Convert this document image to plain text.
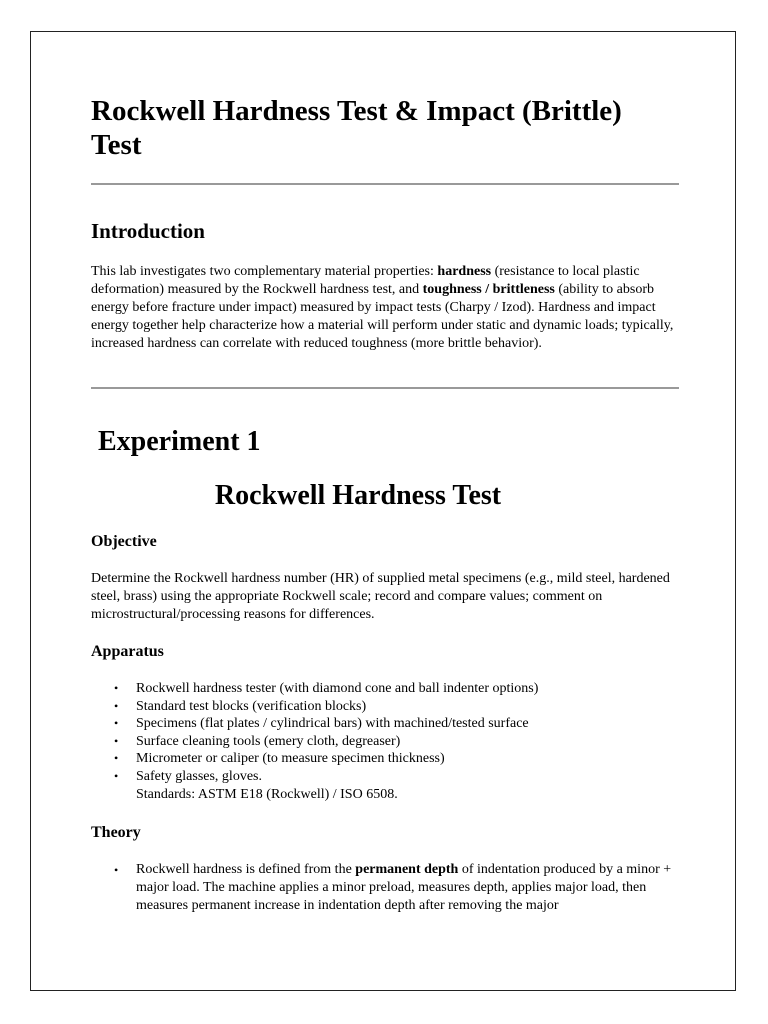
Rockwell Hardness Test & Impact (Brittle) Test
Introduction

This lab investigates two complementary material properties: hardness (resistance to local plastic deformation) measured by the Rockwell hardness test, and toughness / brittleness (ability to absorb energy before fracture under impact) measured by impact tests (Charpy / Izod). Hardness and impact energy together help characterize how a material will perform under static and dynamic loads; typically, increased hardness can correlate with reduced toughness (more brittle behavior).

Experiment 1
Rockwell Hardness Test
Objective

Determine the Rockwell hardness number (HR) of supplied metal specimens (e.g., mild steel, hardened steel, brass) using the appropriate Rockwell scale; record and compare values; comment on microstructural/processing reasons for differences.

Apparatus
• Rockwell hardness tester (with diamond cone and ball indenter options)
• Standard test blocks (verification blocks)
• Specimens (flat plates / cylindrical bars) with machined/tested surface
• Surface cleaning tools (emery cloth, degreaser)
• Micrometer or caliper (to measure specimen thickness)
• Safety glasses, gloves.
Standards: ASTM E18 (Rockwell) / ISO 6508.
Theory
• Rockwell hardness is defined from the permanent depth of indentation produced by a minor + major load. The machine applies a minor preload, measures depth, applies major load, then measures permanent increase in indentation depth after removing the major
